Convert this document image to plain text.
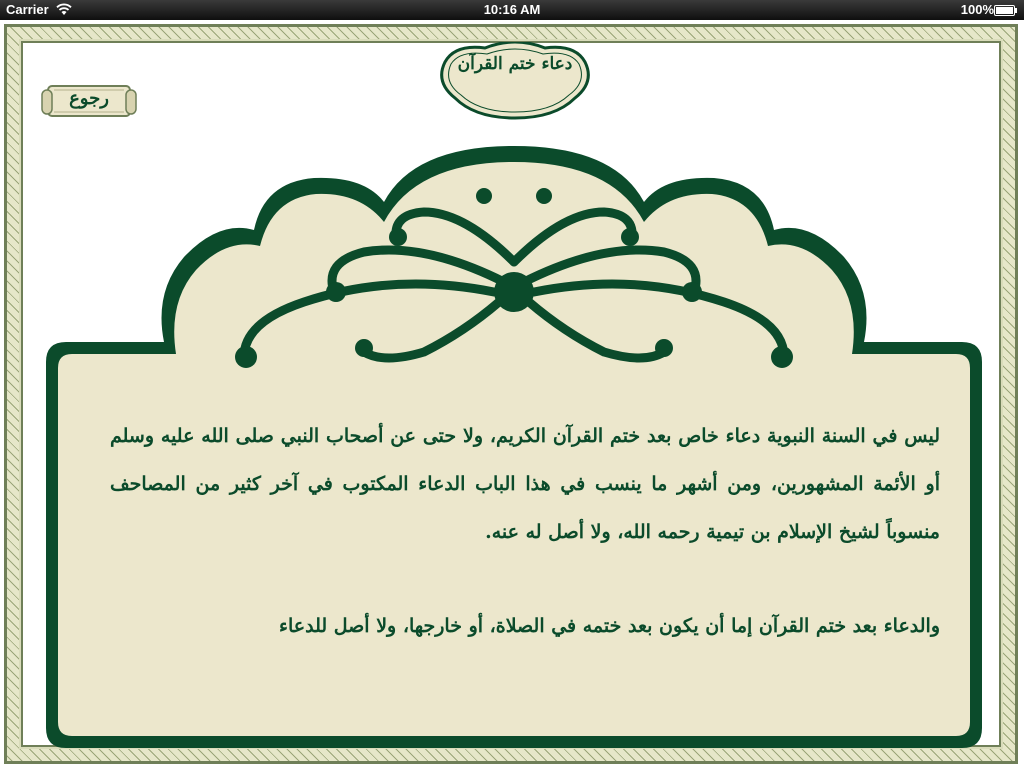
Carrier	10:16 AM	100%
دعاء ختم القرآن
رجوع

ليس في السنة النبوية دعاء خاص بعد ختم القرآن الكريم، ولا حتى عن أصحاب النبي صلى الله عليه وسلم أو الأئمة المشهورين، ومن أشهر ما ينسب في هذا الباب الدعاء المكتوب في آخر كثير من المصاحف منسوباً لشيخ الإسلام بن تيمية رحمه الله، ولا أصل له عنه.

والدعاء بعد ختم القرآن إما أن يكون بعد ختمه في الصلاة، أو خارجها، ولا أصل للدعاء
